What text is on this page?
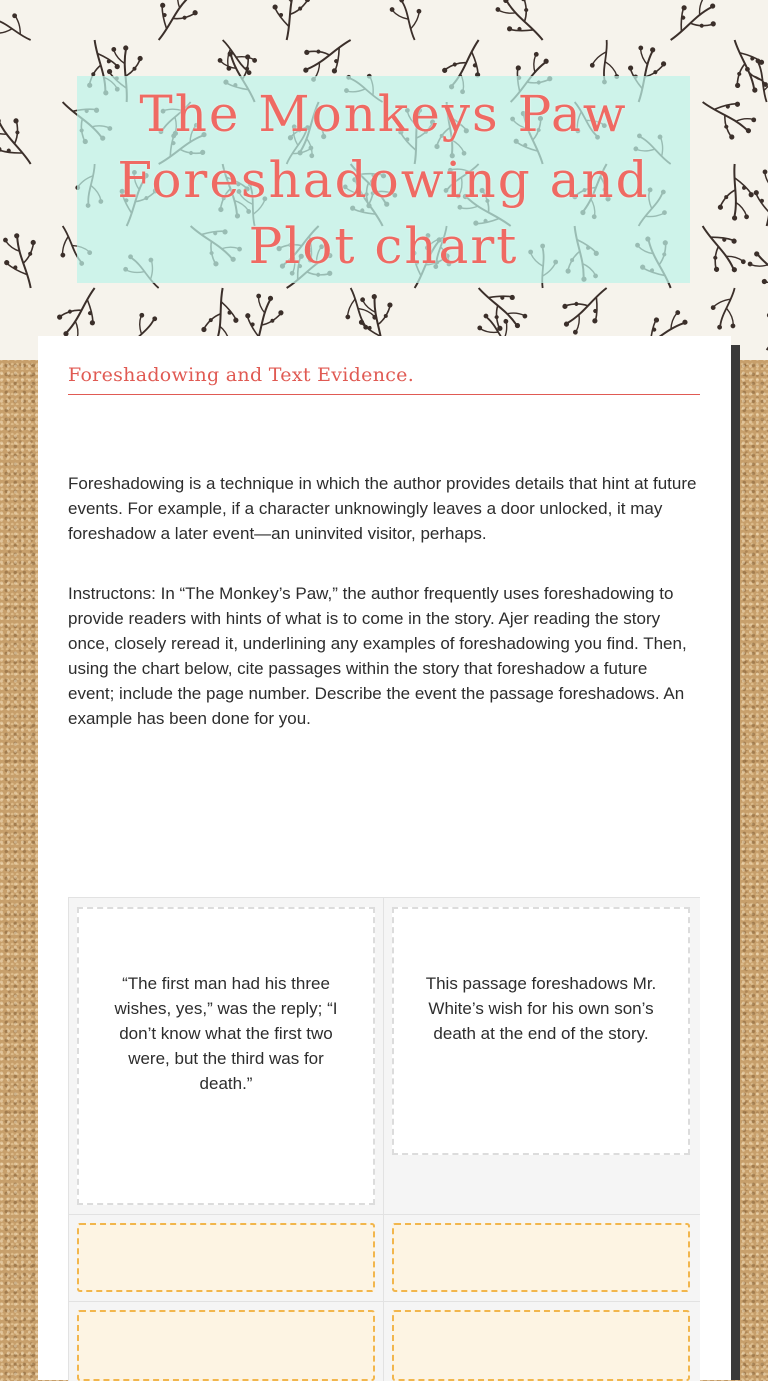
The Monkeys Paw
Foreshadowing and
Plot chart
Foreshadowing and Text Evidence.

Foreshadowing is a technique in which the author provides details that hint at future events. For example, if a character unknowingly leaves a door unlocked, it may foreshadow a later event—an uninvited visitor, perhaps.

Instructons: In “The Monkey’s Paw,” the author frequently uses foreshadowing to provide readers with hints of what is to come in the story. Ajer reading the story once, closely reread it, underlining any examples of foreshadowing you find. Then, using the chart below, cite passages within the story that foreshadow a future event; include the page number. Describe the event the passage foreshadows. An example has been done for you.

“The first man had his three wishes, yes,” was the reply; “I don’t know what the first two were, but the third was for death.”
This passage foreshadows Mr. White’s wish for his own son’s death at the end of the story.
